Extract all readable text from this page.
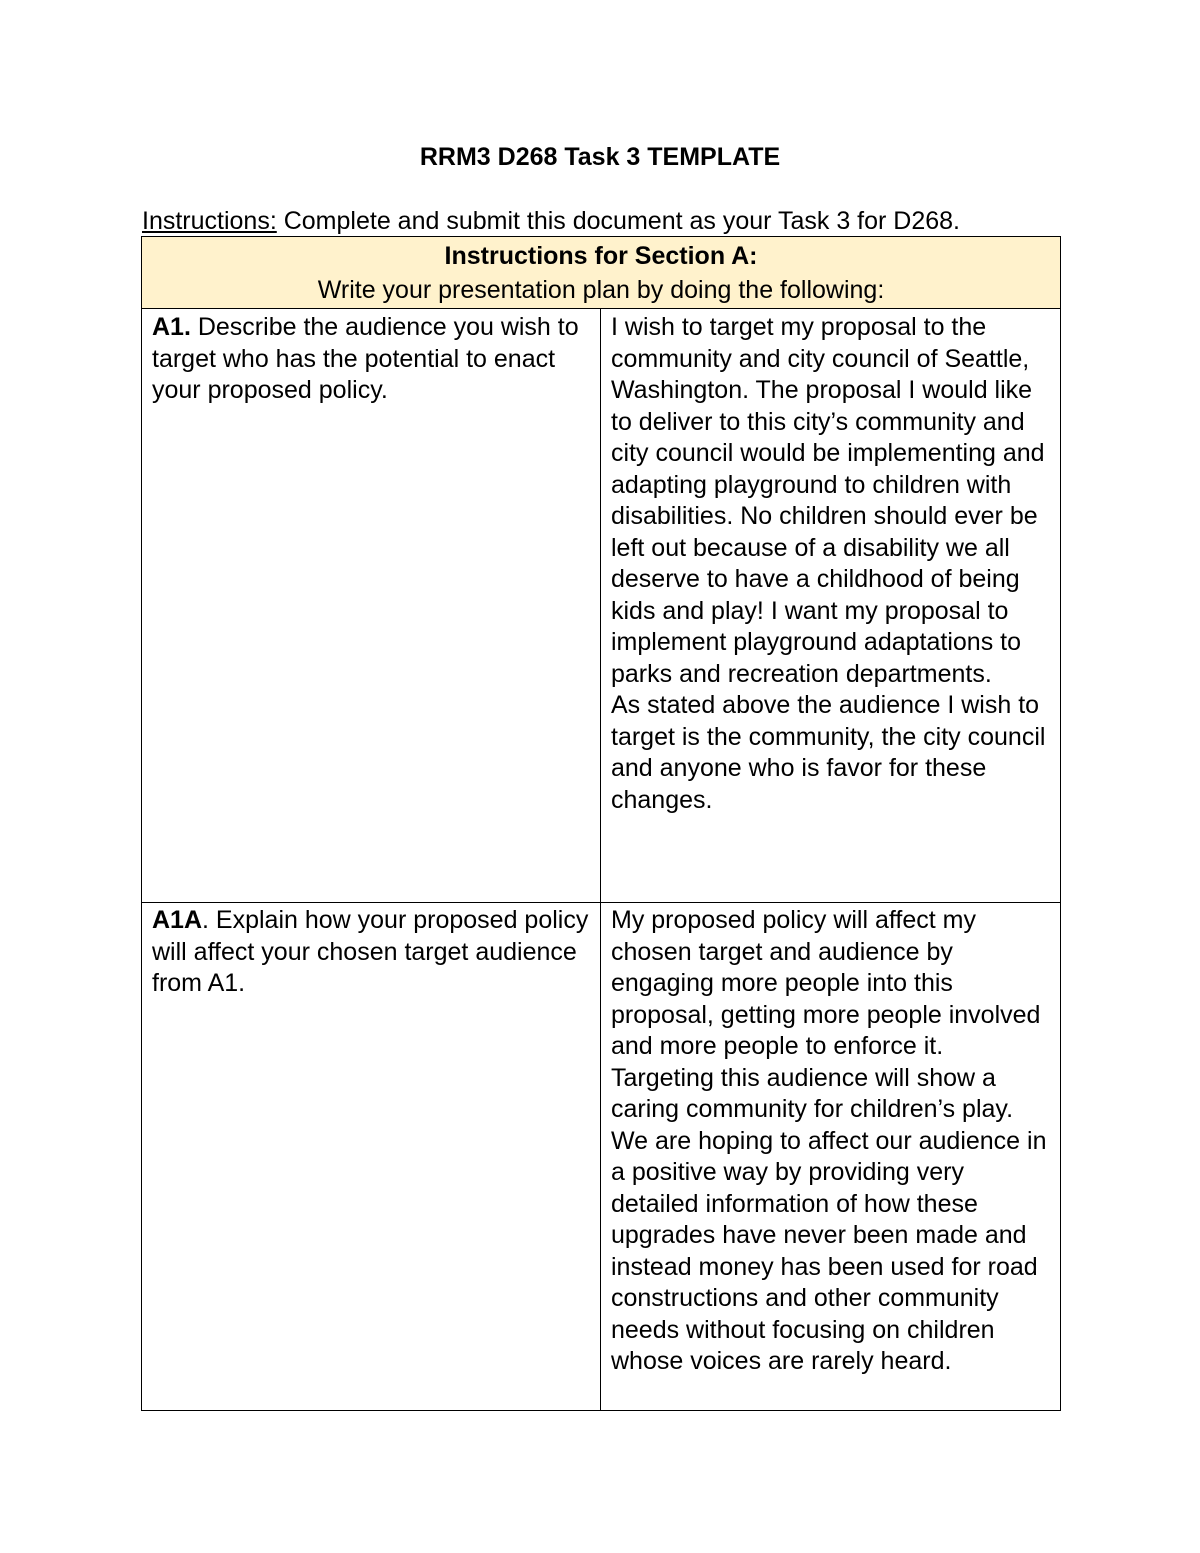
RRM3 D268 Task 3 TEMPLATE
Instructions: Complete and submit this document as your Task 3 for D268.
Instructions for Section A:
Write your presentation plan by doing the following:	

A1. Describe the audience you wish to target who has the potential to enact your proposed policy.	I wish to target my proposal to the community and city council of Seattle, Washington. The proposal I would like to deliver to this city’s community and city council would be implementing and adapting playground to children with disabilities. No children should ever be left out because of a disability we all deserve to have a childhood of being kids and play! I want my proposal to implement playground adaptations to parks and recreation departments.
As stated above the audience I wish to target is the community, the city council and anyone who is favor for these changes.

A1A. Explain how your proposed policy will affect your chosen target audience from A1.	My proposed policy will affect my chosen target and audience by engaging more people into this proposal, getting more people involved and more people to enforce it. Targeting this audience will show a caring community for children’s play. We are hoping to affect our audience in a positive way by providing very detailed information of how these upgrades have never been made and instead money has been used for road constructions and other community needs without focusing on children whose voices are rarely heard.
